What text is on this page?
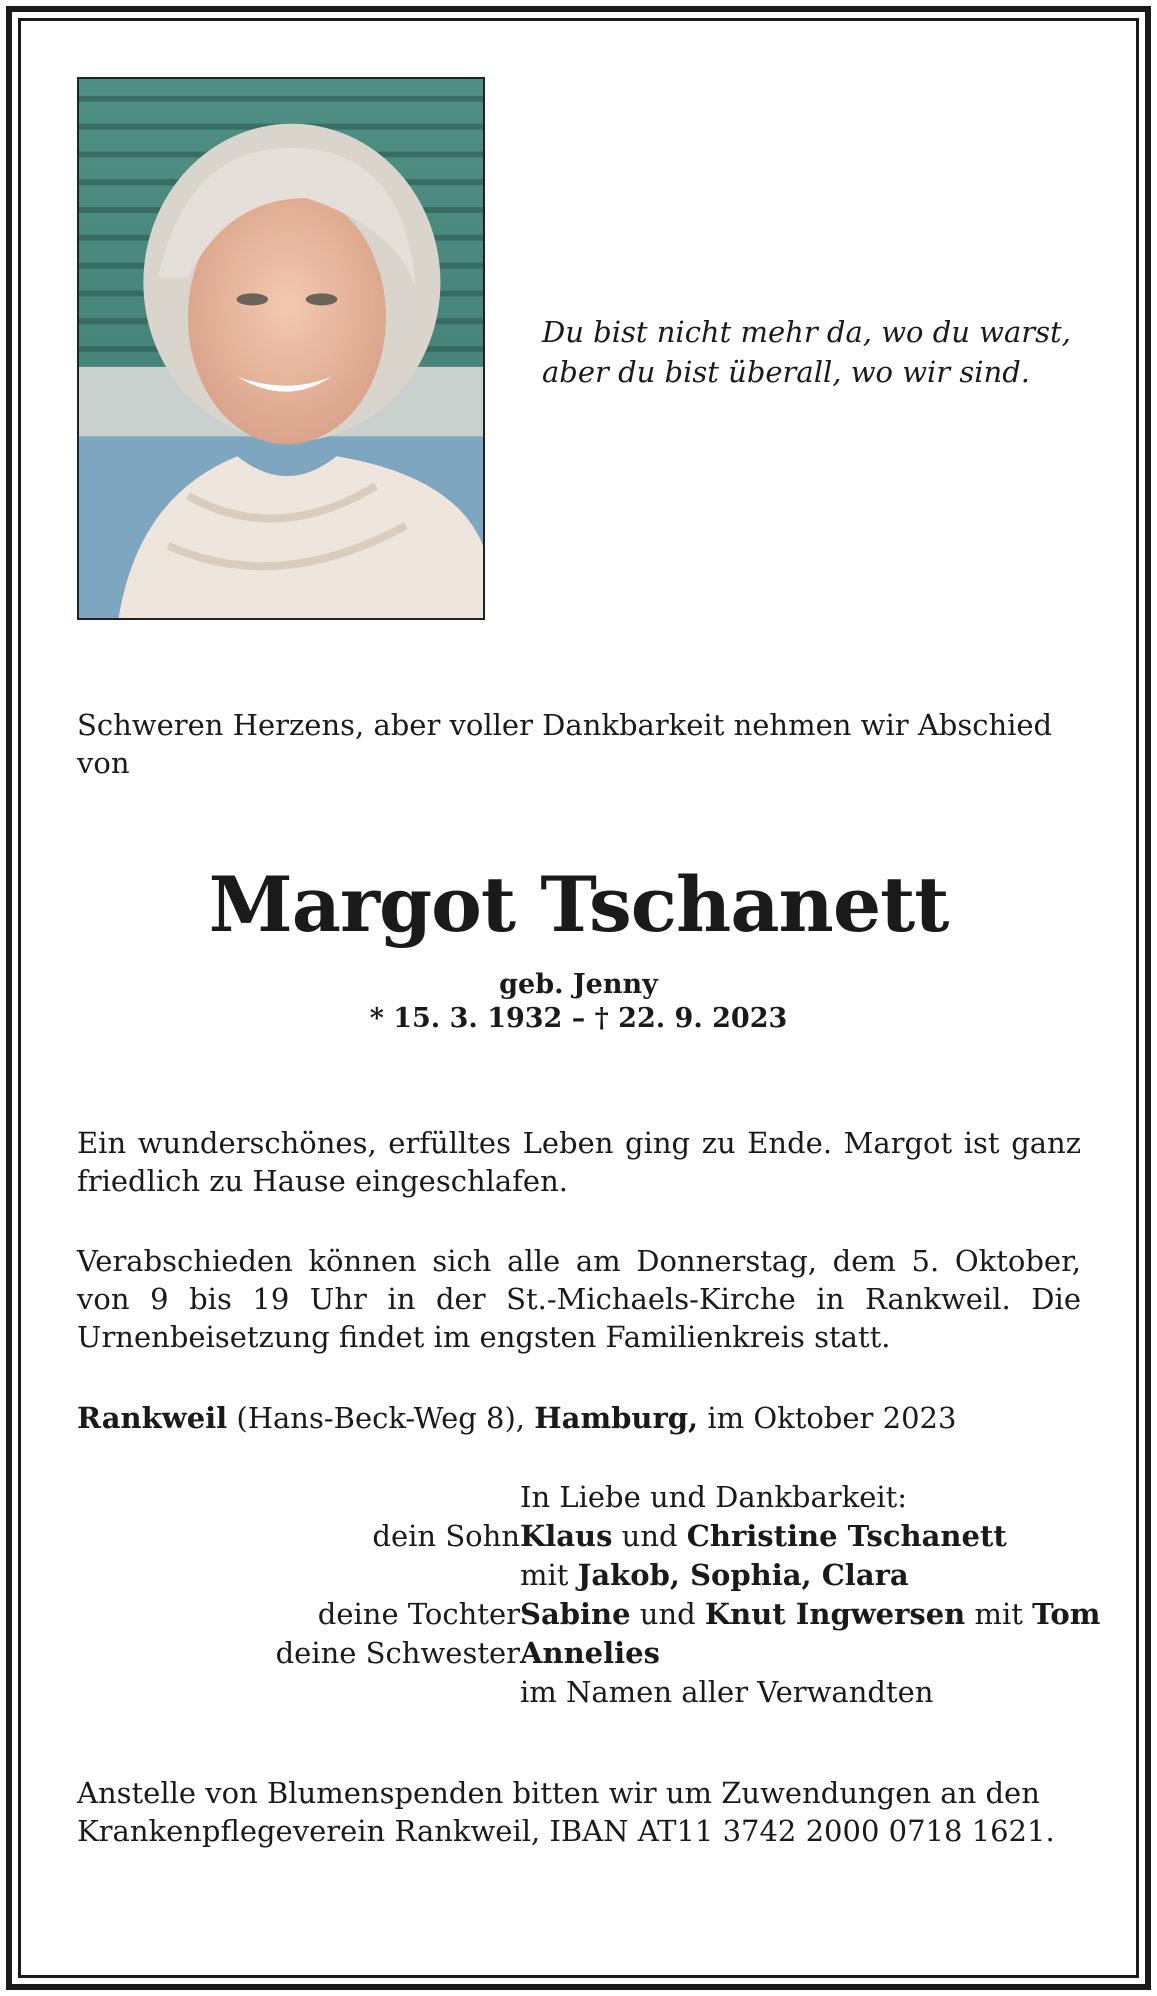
Du bist nicht mehr da, wo du warst,
aber du bist überall, wo wir sind.
Schweren Herzens, aber voller Dankbarkeit nehmen wir Abschied von
Margot Tschanett
geb. Jenny
* 15. 3. 1932 – † 22. 9. 2023
Ein wunderschönes, erfülltes Leben ging zu Ende. Margot ist ganz friedlich zu Hause eingeschlafen.
Verabschieden können sich alle am Donnerstag, dem 5. Oktober, von 9 bis 19 Uhr in der St.-Michaels-Kirche in Rankweil. Die Urnenbeisetzung findet im engsten Familienkreis statt.
Rankweil (Hans-Beck-Weg 8), Hamburg, im Oktober 2023
In Liebe und Dankbarkeit:
dein Sohn Klaus und Christine Tschanett
mit Jakob, Sophia, Clara
deine Tochter Sabine und Knut Ingwersen mit Tom
deine Schwester Annelies
im Namen aller Verwandten
Anstelle von Blumenspenden bitten wir um Zuwendungen an den Krankenpflegeverein Rankweil, IBAN AT11 3742 2000 0718 1621.
